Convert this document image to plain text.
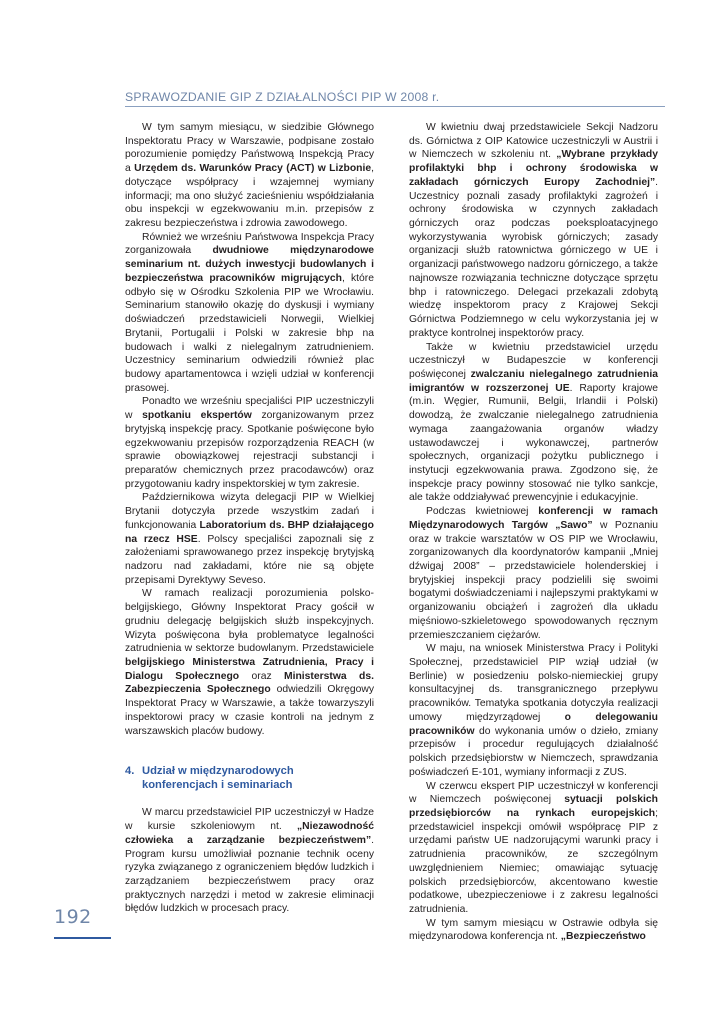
SPRAWOZDANIE GIP Z DZIAŁALNOŚCI PIP W 2008 r.

W tym samym miesiącu, w siedzibie Głównego Inspektoratu Pracy w Warszawie, podpisane zostało porozumienie pomiędzy Państwową Inspekcją Pracy a Urzędem ds. Warunków Pracy (ACT) w Lizbonie, dotyczące współpracy i wzajemnej wymiany informacji; ma ono służyć zacieśnieniu współdziałania obu inspekcji w egzekwowaniu m.in. przepisów z zakresu bezpieczeństwa i zdrowia zawodowego.

Również we wrześniu Państwowa Inspekcja Pracy zorganizowała dwudniowe międzynarodowe seminarium nt. dużych inwestycji budowlanych i bezpieczeństwa pracowników migrujących, które odbyło się w Ośrodku Szkolenia PIP we Wrocławiu. Seminarium stanowiło okazję do dyskusji i wymiany doświadczeń przedstawicieli Norwegii, Wielkiej Brytanii, Portugalii i Polski w zakresie bhp na budowach i walki z nielegalnym zatrudnieniem. Uczestnicy seminarium odwiedzili również plac budowy apartamentowca i wzięli udział w konferencji prasowej.

Ponadto we wrześniu specjaliści PIP uczestniczyli w spotkaniu ekspertów zorganizowanym przez brytyjską inspekcję pracy. Spotkanie poświęcone było egzekwowaniu przepisów rozporządzenia REACH (w sprawie obowiązkowej rejestracji substancji i preparatów chemicznych przez pracodawców) oraz przygotowaniu kadry inspektorskiej w tym zakresie.

Październikowa wizyta delegacji PIP w Wielkiej Brytanii dotyczyła przede wszystkim zadań i funkcjonowania Laboratorium ds. BHP działającego na rzecz HSE. Polscy specjaliści zapoznali się z założeniami sprawowanego przez inspekcję brytyjską nadzoru nad zakładami, które nie są objęte przepisami Dyrektywy Seveso.

W ramach realizacji porozumienia polsko-belgijskiego, Główny Inspektorat Pracy gościł w grudniu delegację belgijskich służb inspekcyjnych. Wizyta poświęcona była problematyce legalności zatrudnienia w sektorze budowlanym. Przedstawiciele belgijskiego Ministerstwa Zatrudnienia, Pracy i Dialogu Społecznego oraz Ministerstwa ds. Zabezpieczenia Społecznego odwiedzili Okręgowy Inspektorat Pracy w Warszawie, a także towarzyszyli inspektorowi pracy w czasie kontroli na jednym z warszawskich placów budowy.

4. Udział w międzynarodowych
konferencjach i seminariach

W marcu przedstawiciel PIP uczestniczył w Hadze w kursie szkoleniowym nt. „Niezawodność człowieka a zarządzanie bezpieczeństwem”. Program kursu umożliwiał poznanie technik oceny ryzyka związanego z ograniczeniem błędów ludzkich i zarządzaniem bezpieczeństwem pracy oraz praktycznych narzędzi i metod w zakresie eliminacji błędów ludzkich w procesach pracy.

W kwietniu dwaj przedstawiciele Sekcji Nadzoru ds. Górnictwa z OIP Katowice uczestniczyli w Austrii i w Niemczech w szkoleniu nt. „Wybrane przykłady profilaktyki bhp i ochrony środowiska w zakładach górniczych Europy Zachodniej”. Uczestnicy poznali zasady profilaktyki zagrożeń i ochrony środowiska w czynnych zakładach górniczych oraz podczas poeksploatacyjnego wykorzystywania wyrobisk górniczych; zasady organizacji służb ratownictwa górniczego w UE i organizacji państwowego nadzoru górniczego, a także najnowsze rozwiązania techniczne dotyczące sprzętu bhp i ratowniczego. Delegaci przekazali zdobytą wiedzę inspektorom pracy z Krajowej Sekcji Górnictwa Podziemnego w celu wykorzystania jej w praktyce kontrolnej inspektorów pracy.

Także w kwietniu przedstawiciel urzędu uczestniczył w Budapeszcie w konferencji poświęconej zwalczaniu nielegalnego zatrudnienia imigrantów w rozszerzonej UE. Raporty krajowe (m.in. Węgier, Rumunii, Belgii, Irlandii i Polski) dowodzą, że zwalczanie nielegalnego zatrudnienia wymaga zaangażowania organów władzy ustawodawczej i wykonawczej, partnerów społecznych, organizacji pożytku publicznego i instytucji egzekwowania prawa. Zgodzono się, że inspekcje pracy powinny stosować nie tylko sankcje, ale także oddziaływać prewencyjnie i edukacyjnie.

Podczas kwietniowej konferencji w ramach Międzynarodowych Targów „Sawo” w Poznaniu oraz w trakcie warsztatów w OS PIP we Wrocławiu, zorganizowanych dla koordynatorów kampanii „Mniej dźwigaj 2008” – przedstawiciele holenderskiej i brytyjskiej inspekcji pracy podzielili się swoimi bogatymi doświadczeniami i najlepszymi praktykami w organizowaniu obciążeń i zagrożeń dla układu mięśniowo-szkieletowego spowodowanych ręcznym przemieszczaniem ciężarów.

W maju, na wniosek Ministerstwa Pracy i Polityki Społecznej, przedstawiciel PIP wziął udział (w Berlinie) w posiedzeniu polsko-niemieckiej grupy konsultacyjnej ds. transgranicznego przepływu pracowników. Tematyka spotkania dotyczyła realizacji umowy międzyrządowej o delegowaniu pracowników do wykonania umów o dzieło, zmiany przepisów i procedur regulujących działalność polskich przedsiębiorstw w Niemczech, sprawdzania poświadczeń E-101, wymiany informacji z ZUS.

W czerwcu ekspert PIP uczestniczył w konferencji w Niemczech poświęconej sytuacji polskich przedsiębiorców na rynkach europejskich; przedstawiciel inspekcji omówił współpracę PIP z urzędami państw UE nadzorującymi warunki pracy i zatrudnienia pracowników, ze szczególnym uwzględnieniem Niemiec; omawiając sytuację polskich przedsiębiorców, akcentowano kwestie podatkowe, ubezpieczeniowe i z zakresu legalności zatrudnienia.

W tym samym miesiącu w Ostrawie odbyła się międzynarodowa konferencja nt. „Bezpieczeństwo

192
